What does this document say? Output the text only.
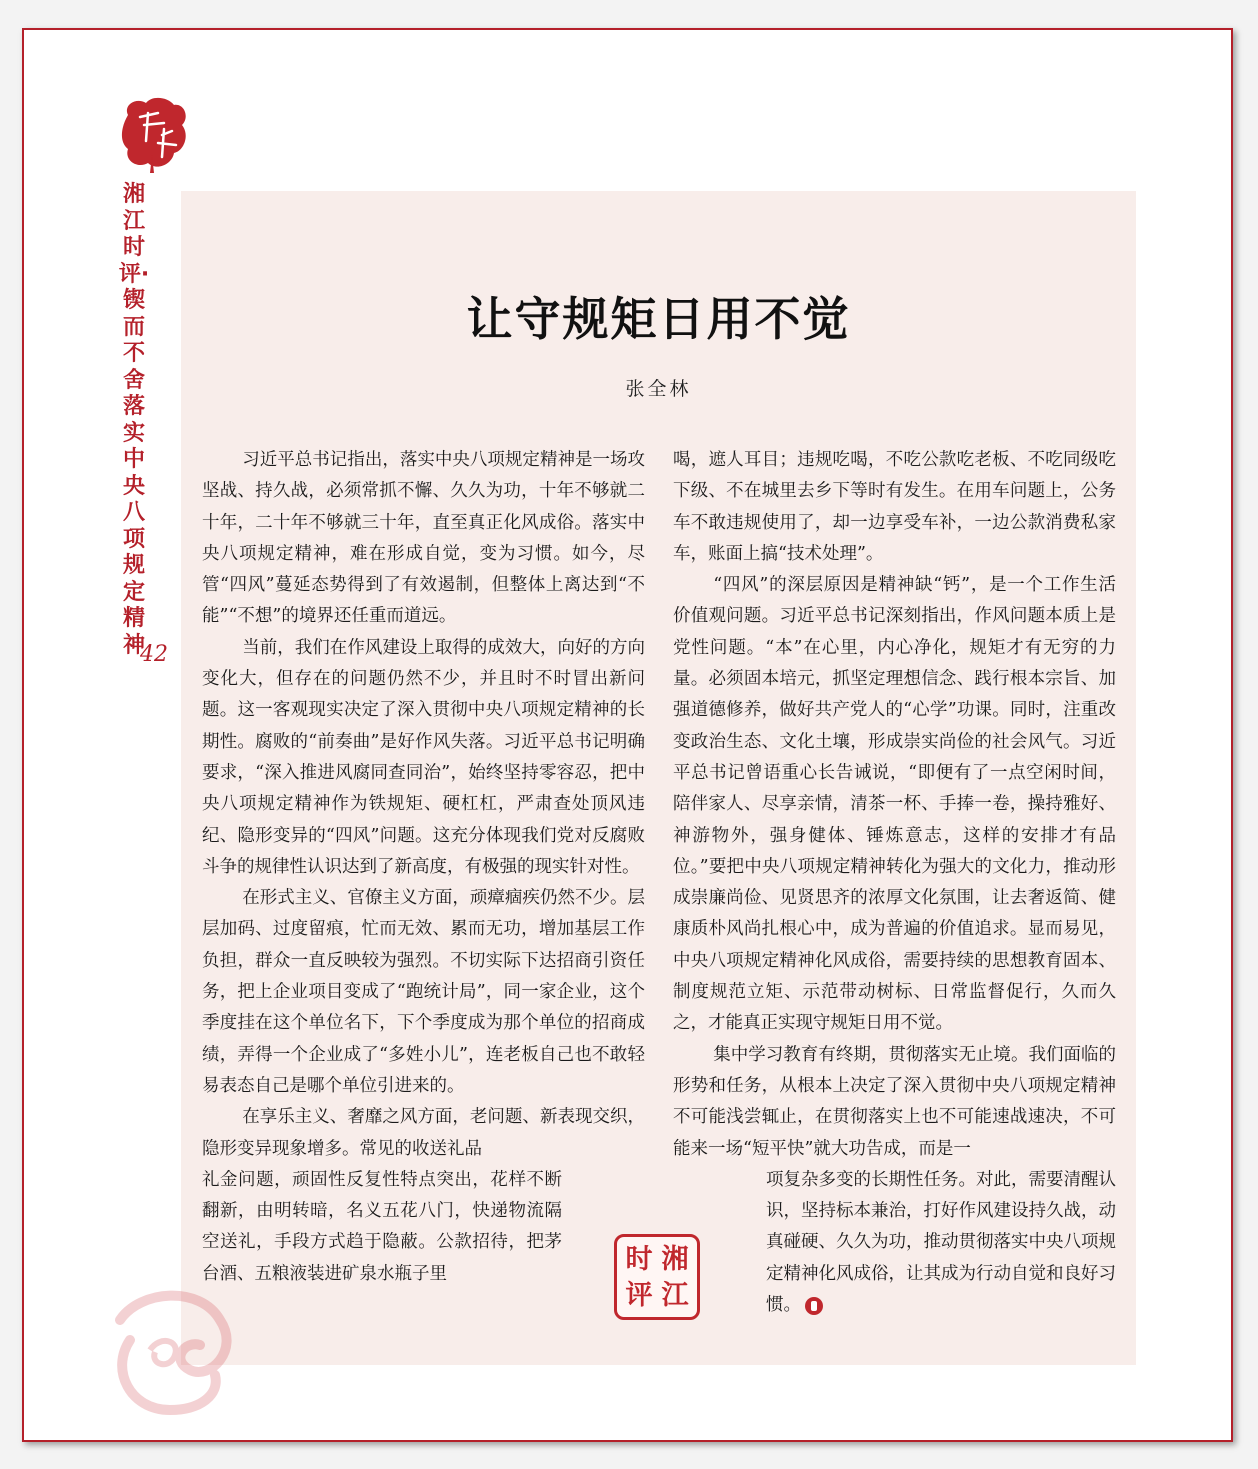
湘江时评·锲而不舍落实中央八项规定精神
42
让守规矩日用不觉
张全林

习近平总书记指出，落实中央八项规定精神是一场攻坚战、持久战，必须常抓不懈、久久为功，十年不够就二十年，二十年不够就三十年，直至真正化风成俗。落实中央八项规定精神，难在形成自觉，变为习惯。如今，尽管“四风”蔓延态势得到了有效遏制，但整体上离达到“不能”“不想”的境界还任重而道远。

当前，我们在作风建设上取得的成效大，向好的方向变化大，但存在的问题仍然不少，并且时不时冒出新问题。这一客观现实决定了深入贯彻中央八项规定精神的长期性。腐败的“前奏曲”是好作风失落。习近平总书记明确要求，“深入推进风腐同查同治”，始终坚持零容忍，把中央八项规定精神作为铁规矩、硬杠杠，严肃查处顶风违纪、隐形变异的“四风”问题。这充分体现我们党对反腐败斗争的规律性认识达到了新高度，有极强的现实针对性。

在形式主义、官僚主义方面，顽瘴痼疾仍然不少。层层加码、过度留痕，忙而无效、累而无功，增加基层工作负担，群众一直反映较为强烈。不切实际下达招商引资任务，把上企业项目变成了“跑统计局”，同一家企业，这个季度挂在这个单位名下，下个季度成为那个单位的招商成绩，弄得一个企业成了“多姓小儿”，连老板自己也不敢轻易表态自己是哪个单位引进来的。

在享乐主义、奢靡之风方面，老问题、新表现交织，隐形变异现象增多。常见的收送礼品

礼金问题，顽固性反复性特点突出，花样不断翻新，由明转暗，名义五花八门，快递物流隔空送礼，手段方式趋于隐蔽。公款招待，把茅台酒、五粮液装进矿泉水瓶子里

喝，遮人耳目；违规吃喝，不吃公款吃老板、不吃同级吃下级、不在城里去乡下等时有发生。在用车问题上，公务车不敢违规使用了，却一边享受车补，一边公款消费私家车，账面上搞“技术处理”。

“四风”的深层原因是精神缺“钙”，是一个工作生活价值观问题。习近平总书记深刻指出，作风问题本质上是党性问题。“本”在心里，内心净化，规矩才有无穷的力量。必须固本培元，抓坚定理想信念、践行根本宗旨、加强道德修养，做好共产党人的“心学”功课。同时，注重改变政治生态、文化土壤，形成崇实尚俭的社会风气。习近平总书记曾语重心长告诫说，“即便有了一点空闲时间，陪伴家人、尽享亲情，清茶一杯、手捧一卷，操持雅好、神游物外，强身健体、锤炼意志，这样的安排才有品位。”要把中央八项规定精神转化为强大的文化力，推动形成崇廉尚俭、见贤思齐的浓厚文化氛围，让去奢返简、健康质朴风尚扎根心中，成为普遍的价值追求。显而易见，中央八项规定精神化风成俗，需要持续的思想教育固本、制度规范立矩、示范带动树标、日常监督促行，久而久之，才能真正实现守规矩日用不觉。

集中学习教育有终期，贯彻落实无止境。我们面临的形势和任务，从根本上决定了深入贯彻中央八项规定精神不可能浅尝辄止，在贯彻落实上也不可能速战速决，不可能来一场“短平快”就大功告成，而是一

项复杂多变的长期性任务。对此，需要清醒认识，坚持标本兼治，打好作风建设持久战，动真碰硬、久久为功，推动贯彻落实中央八项规定精神化风成俗，让其成为行动自觉和良好习惯。

湘
江
时
评
